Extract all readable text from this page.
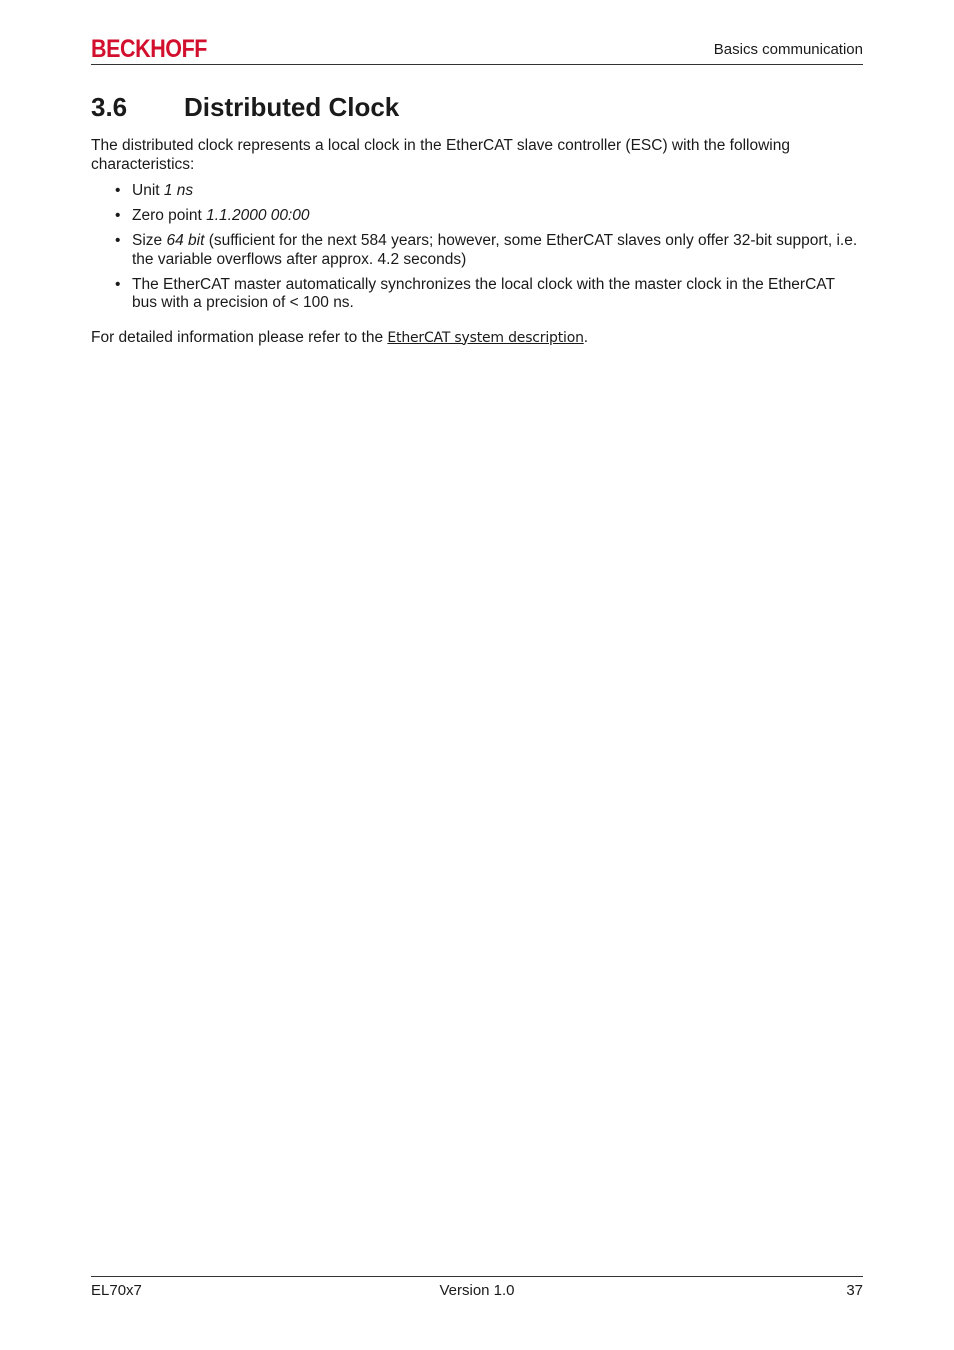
BECKHOFF	Basics communication
3.6	Distributed Clock

The distributed clock represents a local clock in the EtherCAT slave controller (ESC) with the following characteristics:

• Unit 1 ns
• Zero point 1.1.2000 00:00
• Size 64 bit (sufficient for the next 584 years; however, some EtherCAT slaves only offer 32-bit support, i.e. the variable overflows after approx. 4.2 seconds)
• The EtherCAT master automatically synchronizes the local clock with the master clock in the EtherCAT bus with a precision of < 100 ns.

For detailed information please refer to the EtherCAT system description.

EL70x7	Version 1.0	37
